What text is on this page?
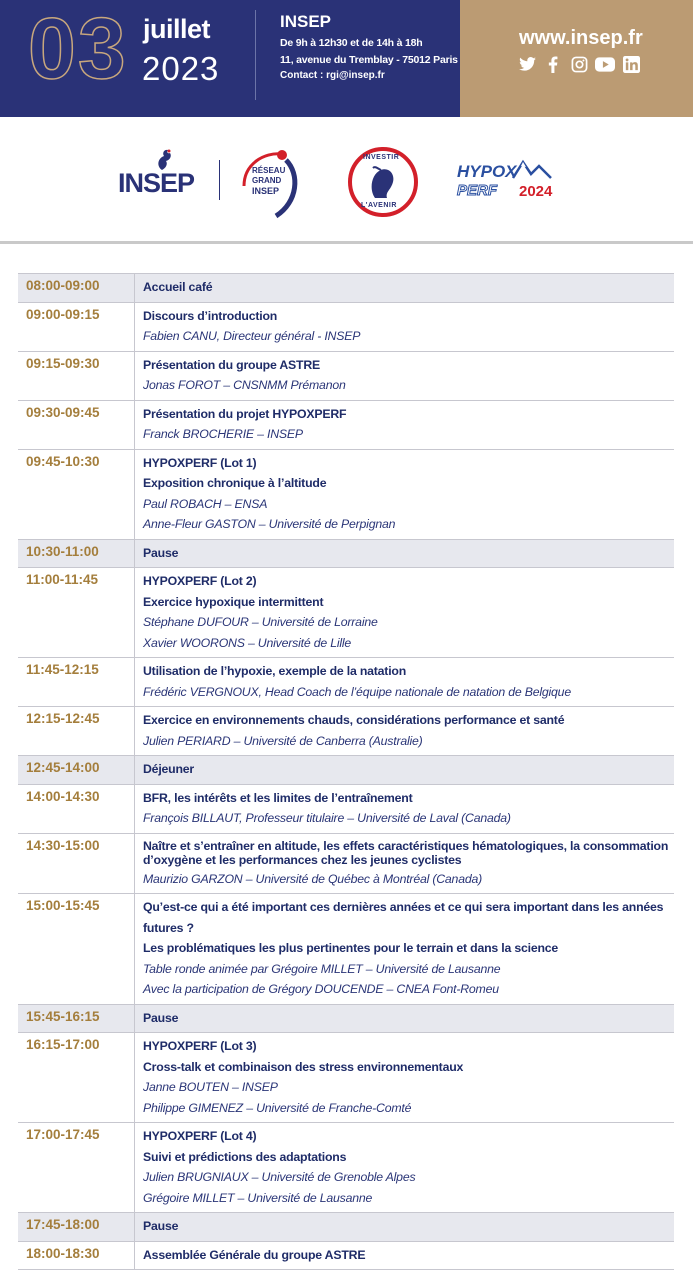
03 juillet
2023
INSEP
De 9h à 12h30 et de 14h à 18h
11, avenue du Tremblay - 75012 Paris
Contact : rgi@insep.fr
www.insep.fr
INSEP	RÉSEAU
GRAND
INSEP
INVESTIR
L'AVENIR
HYPOX
PERF 2024
08:00-09:00	Accueil café
09:00-09:15	Discours d’introduction
Fabien CANU, Directeur général - INSEP
09:15-09:30	Présentation du groupe ASTRE
Jonas FOROT – CNSNMM Prémanon
09:30-09:45	Présentation du projet HYPOXPERF
Franck BROCHERIE – INSEP
09:45-10:30	HYPOXPERF (Lot 1)
Exposition chronique à l’altitude
Paul ROBACH – ENSA
Anne-Fleur GASTON – Université de Perpignan
10:30-11:00	Pause
11:00-11:45	HYPOXPERF (Lot 2)
Exercice hypoxique intermittent
Stéphane DUFOUR – Université de Lorraine
Xavier WOORONS – Université de Lille
11:45-12:15	Utilisation de l’hypoxie, exemple de la natation
Frédéric VERGNOUX, Head Coach de l’équipe nationale de natation de Belgique
12:15-12:45	Exercice en environnements chauds, considérations performance et santé
Julien PERIARD – Université de Canberra (Australie)
12:45-14:00	Déjeuner
14:00-14:30	BFR, les intérêts et les limites de l’entraînement
François BILLAUT, Professeur titulaire – Université de Laval (Canada)
14:30-15:00	Naître et s’entraîner en altitude, les effets caractéristiques hématologiques, la consommation d’oxygène et les performances chez les jeunes cyclistes
Maurizio GARZON – Université de Québec à Montréal (Canada)
15:00-15:45	Qu’est-ce qui a été important ces dernières années et ce qui sera important dans les années futures ?
Les problématiques les plus pertinentes pour le terrain et dans la science
Table ronde animée par Grégoire MILLET – Université de Lausanne
Avec la participation de Grégory DOUCENDE – CNEA Font-Romeu
15:45-16:15	Pause
16:15-17:00	HYPOXPERF (Lot 3)
Cross-talk et combinaison des stress environnementaux
Janne BOUTEN – INSEP
Philippe GIMENEZ – Université de Franche-Comté
17:00-17:45	HYPOXPERF (Lot 4)
Suivi et prédictions des adaptations
Julien BRUGNIAUX – Université de Grenoble Alpes
Grégoire MILLET – Université de Lausanne
17:45-18:00	Pause
18:00-18:30	Assemblée Générale du groupe ASTRE
